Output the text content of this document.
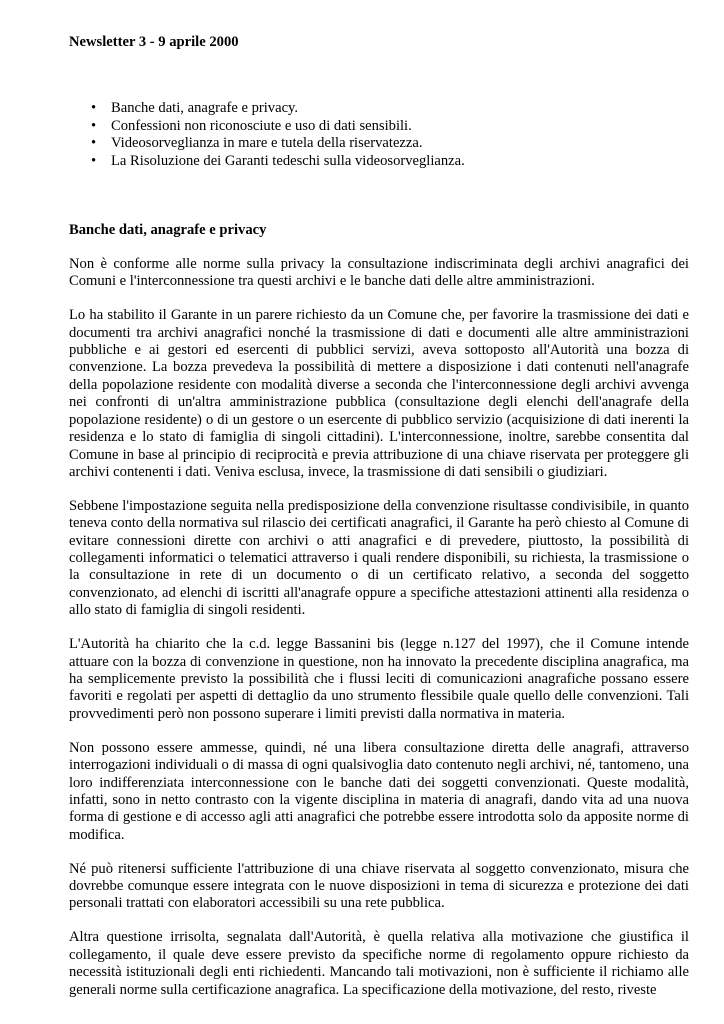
Newsletter 3 - 9 aprile 2000

• Banche dati, anagrafe e privacy.
• Confessioni non riconosciute e uso di dati sensibili.
• Videosorveglianza in mare e tutela della riservatezza.
• La Risoluzione dei Garanti tedeschi sulla videosorveglianza.
Banche dati, anagrafe e privacy

Non è conforme alle norme sulla privacy la consultazione indiscriminata degli archivi anagrafici dei Comuni e l'interconnessione tra questi archivi e le banche dati delle altre amministrazioni.

Lo ha stabilito il Garante in un parere richiesto da un Comune che, per favorire la trasmissione dei dati e documenti tra archivi anagrafici nonché la trasmissione di dati e documenti alle altre amministrazioni pubbliche e ai gestori ed esercenti di pubblici servizi, aveva sottoposto all'Autorità una bozza di convenzione. La bozza prevedeva la possibilità di mettere a disposizione i dati contenuti nell'anagrafe della popolazione residente con modalità diverse a seconda che l'interconnessione degli archivi avvenga nei confronti di un'altra amministrazione pubblica (consultazione degli elenchi dell'anagrafe della popolazione residente) o di un gestore o un esercente di pubblico servizio (acquisizione di dati inerenti la residenza e lo stato di famiglia di singoli cittadini). L'interconnessione, inoltre, sarebbe consentita dal Comune in base al principio di reciprocità e previa attribuzione di una chiave riservata per proteggere gli archivi contenenti i dati. Veniva esclusa, invece, la trasmissione di dati sensibili o giudiziari.

Sebbene l'impostazione seguita nella predisposizione della convenzione risultasse condivisibile, in quanto teneva conto della normativa sul rilascio dei certificati anagrafici, il Garante ha però chiesto al Comune di evitare connessioni dirette con archivi o atti anagrafici e di prevedere, piuttosto, la possibilità di collegamenti informatici o telematici attraverso i quali rendere disponibili, su richiesta, la trasmissione o la consultazione in rete di un documento o di un certificato relativo, a seconda del soggetto convenzionato, ad elenchi di iscritti all'anagrafe oppure a specifiche attestazioni attinenti alla residenza o allo stato di famiglia di singoli residenti.

L'Autorità ha chiarito che la c.d. legge Bassanini bis (legge n.127 del 1997), che il Comune intende attuare con la bozza di convenzione in questione, non ha innovato la precedente disciplina anagrafica, ma ha semplicemente previsto la possibilità che i flussi leciti di comunicazioni anagrafiche possano essere favoriti e regolati per aspetti di dettaglio da uno strumento flessibile quale quello delle convenzioni. Tali provvedimenti però non possono superare i limiti previsti dalla normativa in materia.

Non possono essere ammesse, quindi, né una libera consultazione diretta delle anagrafi, attraverso interrogazioni individuali o di massa di ogni qualsivoglia dato contenuto negli archivi, né, tantomeno, una loro indifferenziata interconnessione con le banche dati dei soggetti convenzionati. Queste modalità, infatti, sono in netto contrasto con la vigente disciplina in materia di anagrafi, dando vita ad una nuova forma di gestione e di accesso agli atti anagrafici che potrebbe essere introdotta solo da apposite norme di modifica.

Né può ritenersi sufficiente l'attribuzione di una chiave riservata al soggetto convenzionato, misura che dovrebbe comunque essere integrata con le nuove disposizioni in tema di sicurezza e protezione dei dati personali trattati con elaboratori accessibili su una rete pubblica.

Altra questione irrisolta, segnalata dall'Autorità, è quella relativa alla motivazione che giustifica il collegamento, il quale deve essere previsto da specifiche norme di regolamento oppure richiesto da necessità istituzionali degli enti richiedenti. Mancando tali motivazioni, non è sufficiente il richiamo alle generali norme sulla certificazione anagrafica. La specificazione della motivazione, del resto, riveste
